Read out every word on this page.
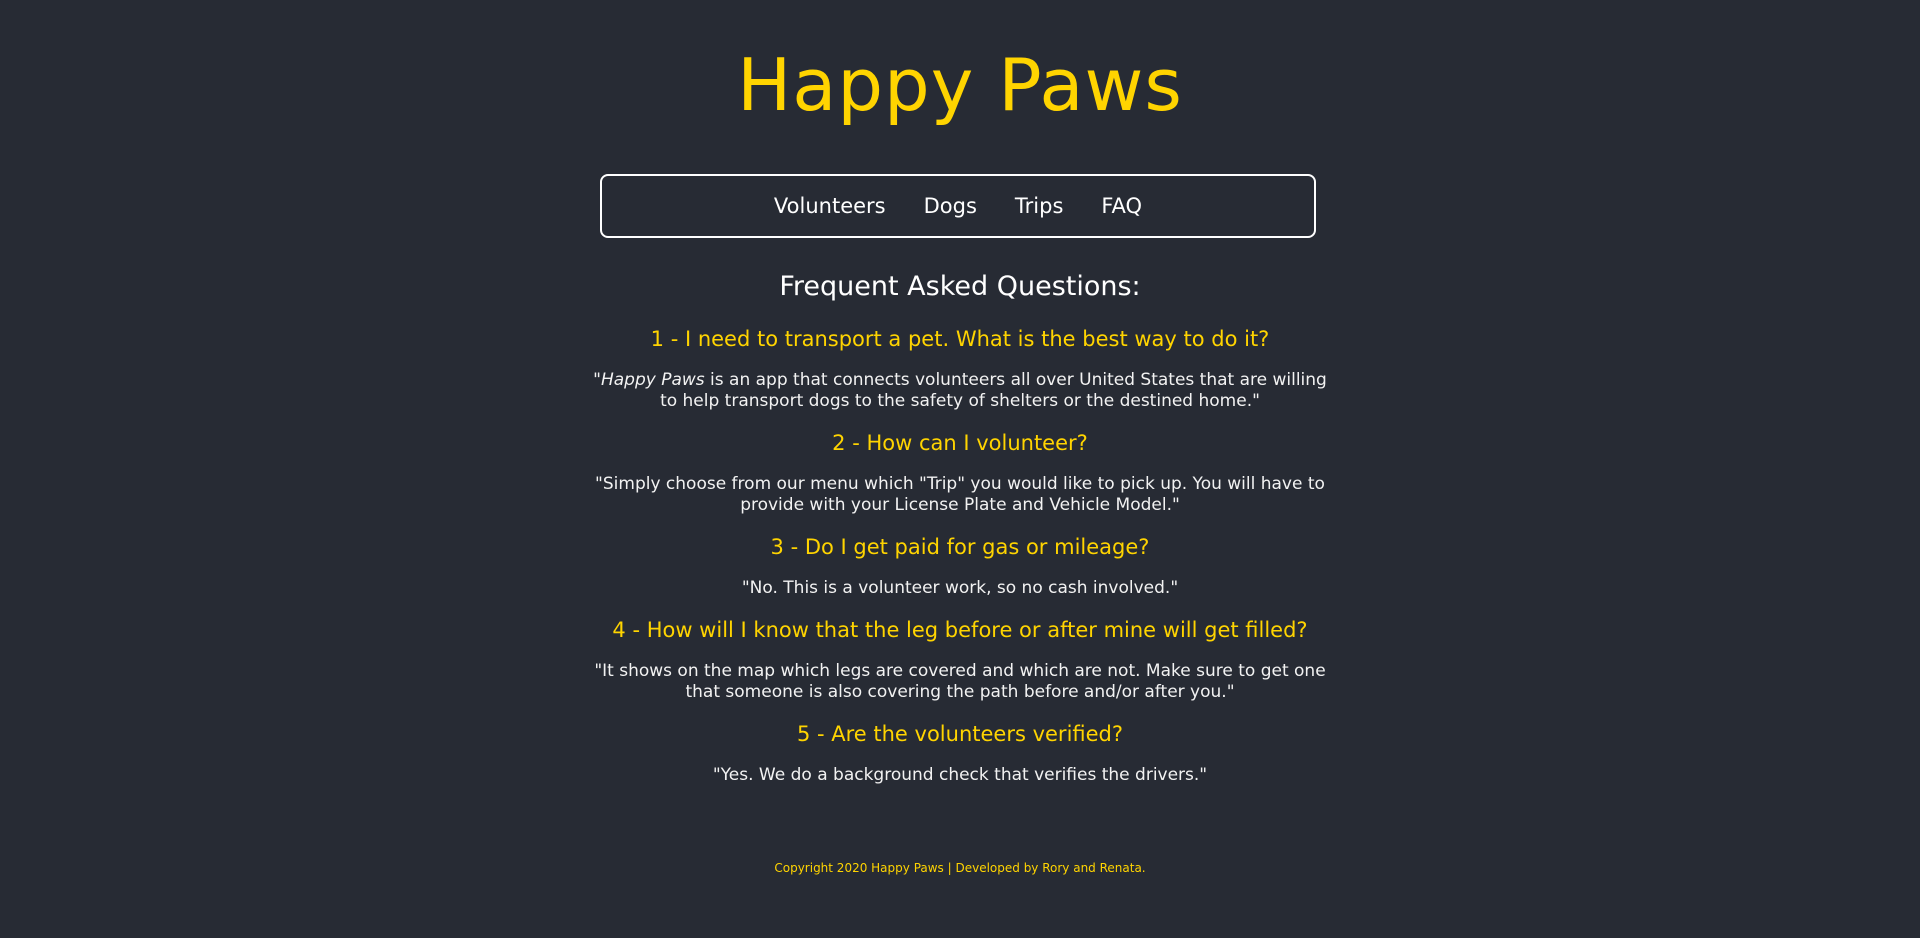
Happy Paws
Volunteers Dogs Trips FAQ
Frequent Asked Questions:
1 - I need to transport a pet. What is the best way to do it?

"Happy Paws is an app that connects volunteers all over United States that are willing to help transport dogs to the safety of shelters or the destined home."

2 - How can I volunteer?

"Simply choose from our menu which "Trip" you would like to pick up. You will have to provide with your License Plate and Vehicle Model."

3 - Do I get paid for gas or mileage?

"No. This is a volunteer work, so no cash involved."

4 - How will I know that the leg before or after mine will get filled?

"It shows on the map which legs are covered and which are not. Make sure to get one that someone is also covering the path before and/or after you."

5 - Are the volunteers verified?

"Yes. We do a background check that verifies the drivers."

Copyright 2020 Happy Paws | Developed by Rory and Renata.
